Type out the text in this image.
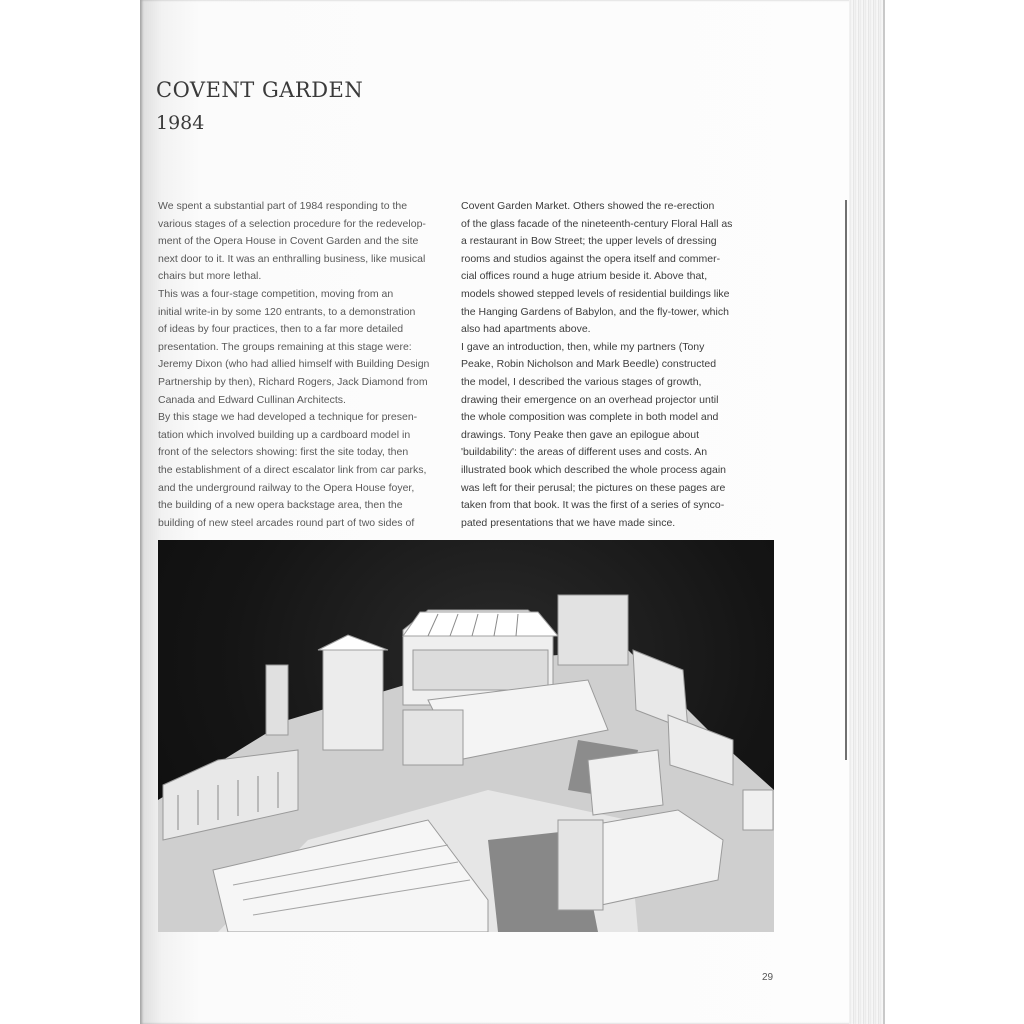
COVENT GARDEN
1984
We spent a substantial part of 1984 responding to the
various stages of a selection procedure for the redevelop-
ment of the Opera House in Covent Garden and the site
next door to it. It was an enthralling business, like musical
chairs but more lethal.
This was a four-stage competition, moving from an
initial write-in by some 120 entrants, to a demonstration
of ideas by four practices, then to a far more detailed
presentation. The groups remaining at this stage were:
Jeremy Dixon (who had allied himself with Building Design
Partnership by then), Richard Rogers, Jack Diamond from
Canada and Edward Cullinan Architects.
By this stage we had developed a technique for presen-
tation which involved building up a cardboard model in
front of the selectors showing: first the site today, then
the establishment of a direct escalator link from car parks,
and the underground railway to the Opera House foyer,
the building of a new opera backstage area, then the
building of new steel arcades round part of two sides of
Covent Garden Market. Others showed the re-erection
of the glass facade of the nineteenth-century Floral Hall as
a restaurant in Bow Street; the upper levels of dressing
rooms and studios against the opera itself and commer-
cial offices round a huge atrium beside it. Above that,
models showed stepped levels of residential buildings like
the Hanging Gardens of Babylon, and the fly-tower, which
also had apartments above.
I gave an introduction, then, while my partners (Tony
Peake, Robin Nicholson and Mark Beedle) constructed
the model, I described the various stages of growth,
drawing their emergence on an overhead projector until
the whole composition was complete in both model and
drawings. Tony Peake then gave an epilogue about
'buildability': the areas of different uses and costs. An
illustrated book which described the whole process again
was left for their perusal; the pictures on these pages are
taken from that book. It was the first of a series of synco-
pated presentations that we have made since.
29
